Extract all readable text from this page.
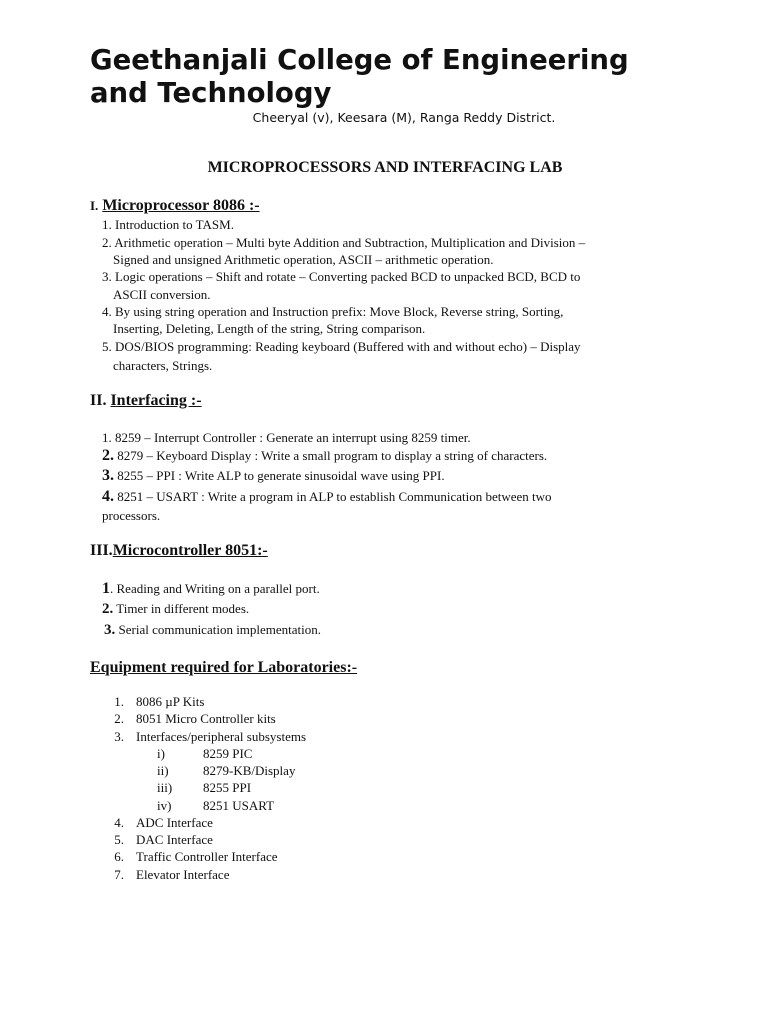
Geethanjali College of Engineering
and Technology
Cheeryal (v), Keesara (M), Ranga Reddy District.
MICROPROCESSORS AND INTERFACING LAB
I. Microprocessor 8086 :-
1. Introduction to TASM.
2. Arithmetic operation – Multi byte Addition and Subtraction, Multiplication and Division –
Signed and unsigned Arithmetic operation, ASCII – arithmetic operation.
3. Logic operations – Shift and rotate – Converting packed BCD to unpacked BCD, BCD to
ASCII conversion.
4. By using string operation and Instruction prefix: Move Block, Reverse string, Sorting,
Inserting, Deleting, Length of the string, String comparison.
5. DOS/BIOS programming: Reading keyboard (Buffered with and without echo) – Display
characters, Strings.
II. Interfacing :-
1. 8259 – Interrupt Controller : Generate an interrupt using 8259 timer.
2. 8279 – Keyboard Display : Write a small program to display a string of characters.
3. 8255 – PPI : Write ALP to generate sinusoidal wave using PPI.
4. 8251 – USART : Write a program in ALP to establish Communication between two
processors.
III.Microcontroller 8051:-
1. Reading and Writing on a parallel port.
2. Timer in different modes.
3. Serial communication implementation.
Equipment required for Laboratories:-
1. 8086 µP Kits
2. 8051 Micro Controller kits
3. Interfaces/peripheral subsystems
i)	8259 PIC
ii)	8279-KB/Display
iii) 8255 PPI
iv) 8251 USART
4. ADC Interface
5. DAC Interface
6. Traffic Controller Interface
7. Elevator Interface
